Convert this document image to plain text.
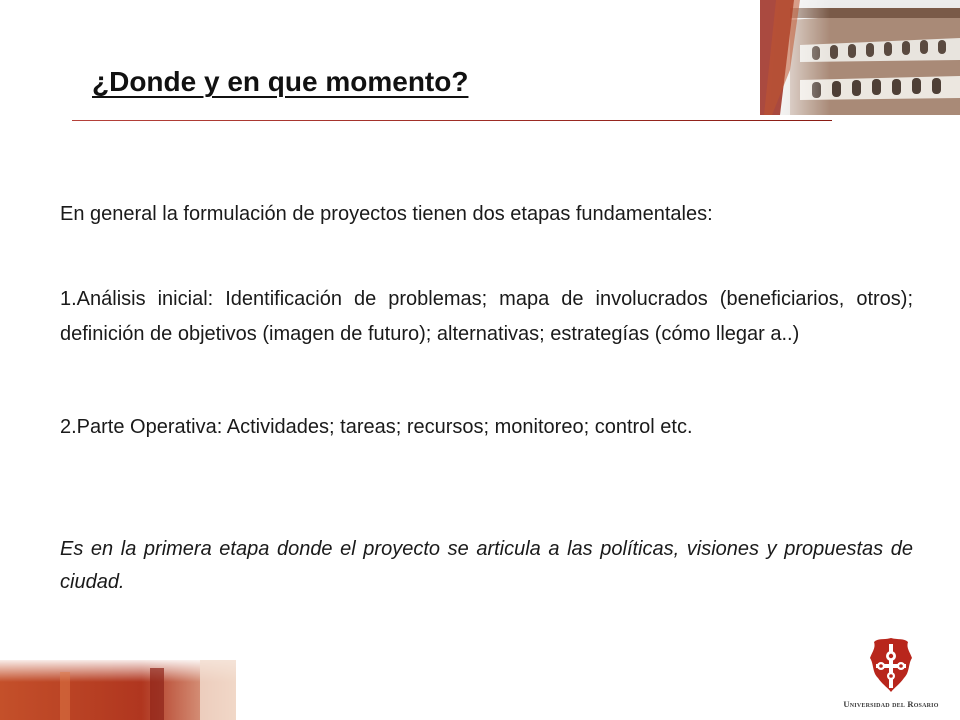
¿Donde y en que momento?

En general la formulación de proyectos tienen dos etapas fundamentales:

1.Análisis inicial: Identificación de problemas; mapa de involucrados (beneficiarios, otros); definición de objetivos (imagen de futuro); alternativas; estrategías (cómo llegar a..)

2.Parte Operativa: Actividades; tareas; recursos; monitoreo; control etc.

Es en la primera etapa donde el proyecto se articula a las políticas, visiones y propuestas de ciudad.

Universidad del Rosario
